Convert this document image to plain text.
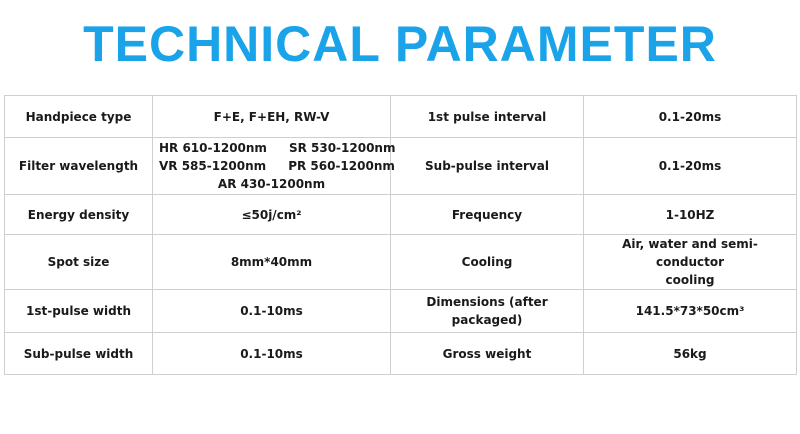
TECHNICAL PARAMETER
Handpiece type	F+E, F+EH, RW-V	1st pulse interval	0.1-20ms
Filter wavelength	HR 610-1200nm SR 530-1200nm
VR 585-1200nm PR 560-1200nm
AR 430-1200nm	Sub-pulse interval	0.1-20ms
Energy density	≤50j/cm²	Frequency	1-10HZ
Spot size	8mm*40mm	Cooling	Air, water and semi-conductor
cooling

1st-pulse width	0.1-10ms	Dimensions (after packaged)	141.5*73*50cm³
Sub-pulse width	0.1-10ms	Gross weight	56kg
